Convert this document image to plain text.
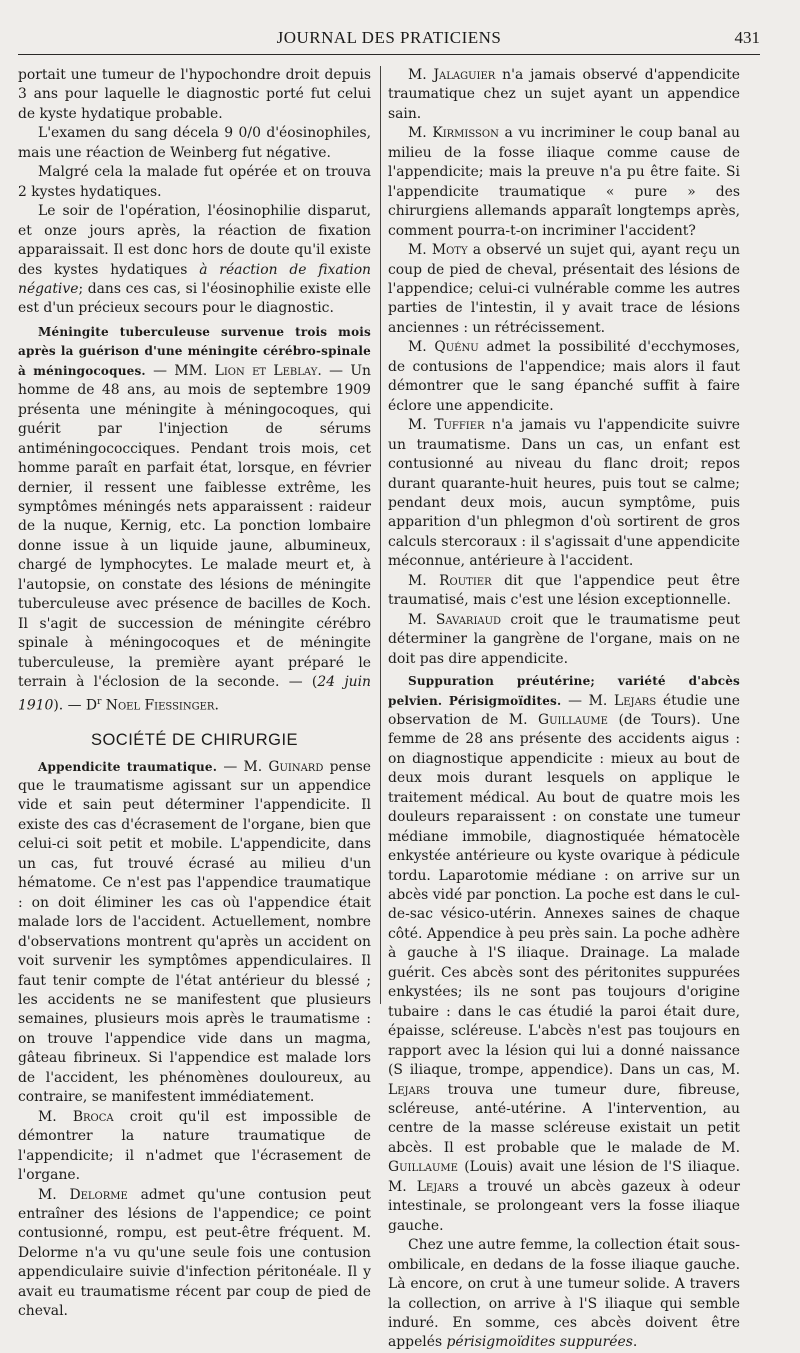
JOURNAL DES PRATICIENS	431

portait une tumeur de l'hypochondre droit depuis 3 ans pour laquelle le diagnostic porté fut celui de kyste hydatique probable.

L'examen du sang décela 9 0/0 d'éosinophiles, mais une réaction de Weinberg fut négative.

Malgré cela la malade fut opérée et on trouva 2 kystes hydatiques.

Le soir de l'opération, l'éosinophilie disparut, et onze jours après, la réaction de fixation apparaissait. Il est donc hors de doute qu'il existe des kystes hydatiques à réaction de fixation négative; dans ces cas, si l'éosinophilie existe elle est d'un précieux secours pour le diagnostic.

Méningite tuberculeuse survenue trois mois après la guérison d'une méningite cérébro-spinale à méningocoques. — MM. Lion et Leblay. — Un homme de 48 ans, au mois de septembre 1909 présenta une méningite à méningocoques, qui guérit par l'injection de sérums antiméningococciques. Pendant trois mois, cet homme paraît en parfait état, lorsque, en février dernier, il ressent une faiblesse extrême, les symptômes méningés nets apparaissent : raideur de la nuque, Kernig, etc. La ponction lombaire donne issue à un liquide jaune, albumineux, chargé de lymphocytes. Le malade meurt et, à l'autopsie, on constate des lésions de méningite tuberculeuse avec présence de bacilles de Koch. Il s'agit de succession de méningite cérébro spinale à méningocoques et de méningite tuberculeuse, la première ayant préparé le terrain à l'éclosion de la seconde. — (24 juin 1910). — $D^r$ Noel Fiessinger.

SOCIÉTÉ DE CHIRURGIE

Appendicite traumatique. — M. Guinard pense que le traumatisme agissant sur un appendice vide et sain peut déterminer l'appendicite. Il existe des cas d'écrasement de l'organe, bien que celui-ci soit petit et mobile. L'appendicite, dans un cas, fut trouvé écrasé au milieu d'un hématome. Ce n'est pas l'appendice traumatique : on doit éliminer les cas où l'appendice était malade lors de l'accident. Actuellement, nombre d'observations montrent qu'après un accident on voit survenir les symptômes appendiculaires. Il faut tenir compte de l'état antérieur du blessé ; les accidents ne se manifestent que plusieurs semaines, plusieurs mois après le traumatisme : on trouve l'appendice vide dans un magma, gâteau fibrineux. Si l'appendice est malade lors de l'accident, les phénomènes douloureux, au contraire, se manifestent immédiatement.

M. Broca croit qu'il est impossible de démontrer la nature traumatique de l'appendicite; il n'admet que l'écrasement de l'organe.

M. Delorme admet qu'une contusion peut entraîner des lésions de l'appendice; ce point contusionné, rompu, est peut-être fréquent. M. Delorme n'a vu qu'une seule fois une contusion appendiculaire suivie d'infection péritonéale. Il y avait eu traumatisme récent par coup de pied de cheval.

M. Jalaguier n'a jamais observé d'appendicite traumatique chez un sujet ayant un appendice sain.

M. Kirmisson a vu incriminer le coup banal au milieu de la fosse iliaque comme cause de l'appendicite; mais la preuve n'a pu être faite. Si l'appendicite traumatique « pure » des chirurgiens allemands apparaît longtemps après, comment pourra-t-on incriminer l'accident?

M. Moty a observé un sujet qui, ayant reçu un coup de pied de cheval, présentait des lésions de l'appendice; celui-ci vulnérable comme les autres parties de l'intestin, il y avait trace de lésions anciennes : un rétrécissement.

M. Quénu admet la possibilité d'ecchymoses, de contusions de l'appendice; mais alors il faut démontrer que le sang épanché suffit à faire éclore une appendicite.

M. Tuffier n'a jamais vu l'appendicite suivre un traumatisme. Dans un cas, un enfant est contusionné au niveau du flanc droit; repos durant quarante-huit heures, puis tout se calme; pendant deux mois, aucun symptôme, puis apparition d'un phlegmon d'où sortirent de gros calculs stercoraux : il s'agissait d'une appendicite méconnue, antérieure à l'accident.

M. Routier dit que l'appendice peut être traumatisé, mais c'est une lésion exceptionnelle.

M. Savariaud croit que le traumatisme peut déterminer la gangrène de l'organe, mais on ne doit pas dire appendicite.

Suppuration préutérine; variété d'abcès pelvien. Périsigmoïdites. — M. Lejars étudie une observation de M. Guillaume (de Tours). Une femme de 28 ans présente des accidents aigus : on diagnostique appendicite : mieux au bout de deux mois durant lesquels on applique le traitement médical. Au bout de quatre mois les douleurs reparaissent : on constate une tumeur médiane immobile, diagnostiquée hématocèle enkystée antérieure ou kyste ovarique à pédicule tordu. Laparotomie médiane : on arrive sur un abcès vidé par ponction. La poche est dans le cul-de-sac vésico-utérin. Annexes saines de chaque côté. Appendice à peu près sain. La poche adhère à gauche à l'S iliaque. Drainage. La malade guérit. Ces abcès sont des péritonites suppurées enkystées; ils ne sont pas toujours d'origine tubaire : dans le cas étudié la paroi était dure, épaisse, scléreuse. L'abcès n'est pas toujours en rapport avec la lésion qui lui a donné naissance (S iliaque, trompe, appendice). Dans un cas, M. Lejars trouva une tumeur dure, fibreuse, scléreuse, anté-utérine. A l'intervention, au centre de la masse scléreuse existait un petit abcès. Il est probable que le malade de M. Guillaume (Louis) avait une lésion de l'S iliaque. M. Lejars a trouvé un abcès gazeux à odeur intestinale, se prolongeant vers la fosse iliaque gauche.

Chez une autre femme, la collection était sous-ombilicale, en dedans de la fosse iliaque gauche. Là encore, on crut à une tumeur solide. A travers la collection, on arrive à l'S iliaque qui semble induré. En somme, ces abcès doivent être appelés périsigmoïdites suppurées.
